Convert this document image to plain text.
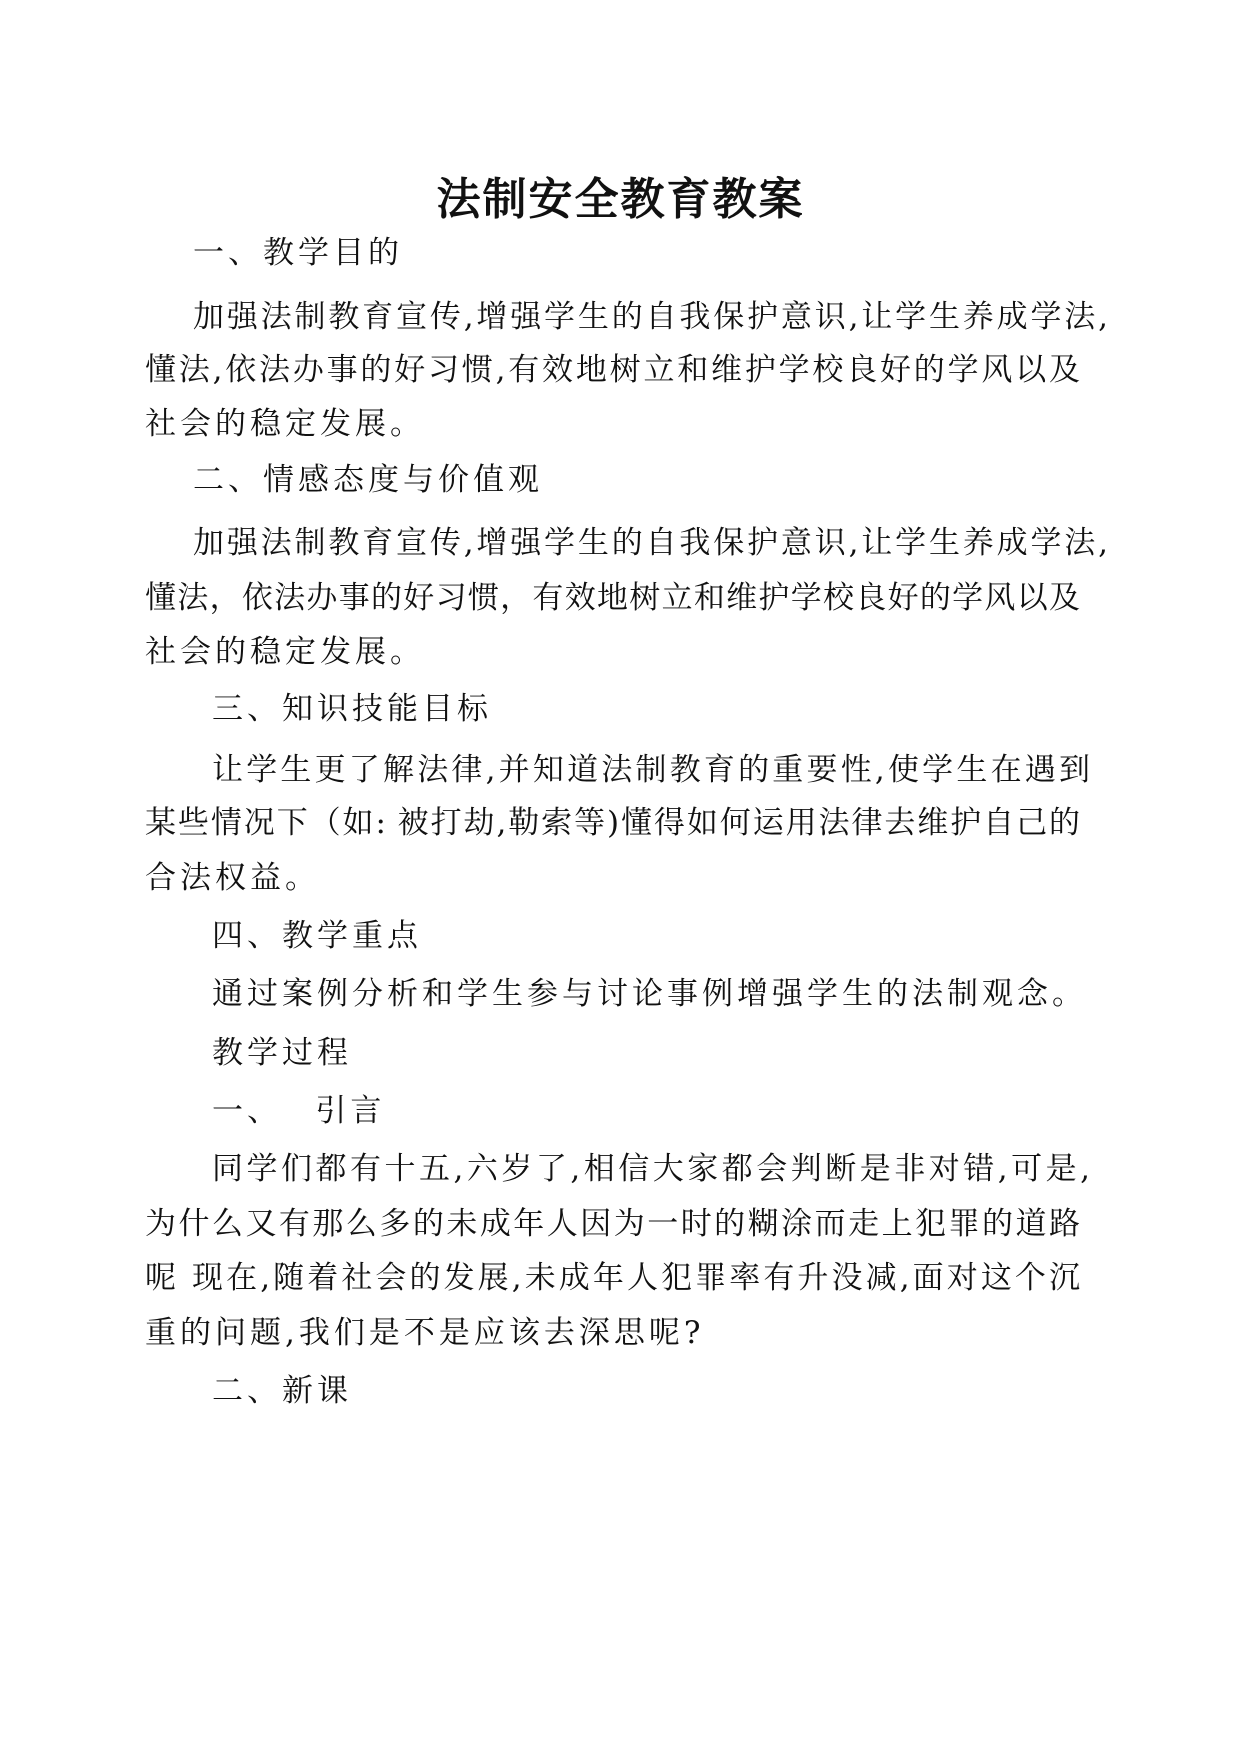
法制安全教育教案
一、教学目的
加强法制教育宣传,增强学生的自我保护意识,让学生养成学法,
懂法,依法办事的好习惯,有效地树立和维护学校良好的学风以及
社会的稳定发展。
二、情感态度与价值观
加强法制教育宣传,增强学生的自我保护意识,让学生养成学法,
懂法，依法办事的好习惯，有效地树立和维护学校良好的学风以及
社会的稳定发展。
三、知识技能目标
让学生更了解法律,并知道法制教育的重要性,使学生在遇到
某些情况下（如: 被打劫,勒索等)懂得如何运用法律去维护自己的
合法权益。
四、教学重点
通过案例分析和学生参与讨论事例增强学生的法制观念。
教学过程
一、　 引言
同学们都有十五,六岁了,相信大家都会判断是非对错,可是,
为什么又有那么多的未成年人因为一时的糊涂而走上犯罪的道路
呢 现在,随着社会的发展,未成年人犯罪率有升没减,面对这个沉
重的问题,我们是不是应该去深思呢?
二、新课
